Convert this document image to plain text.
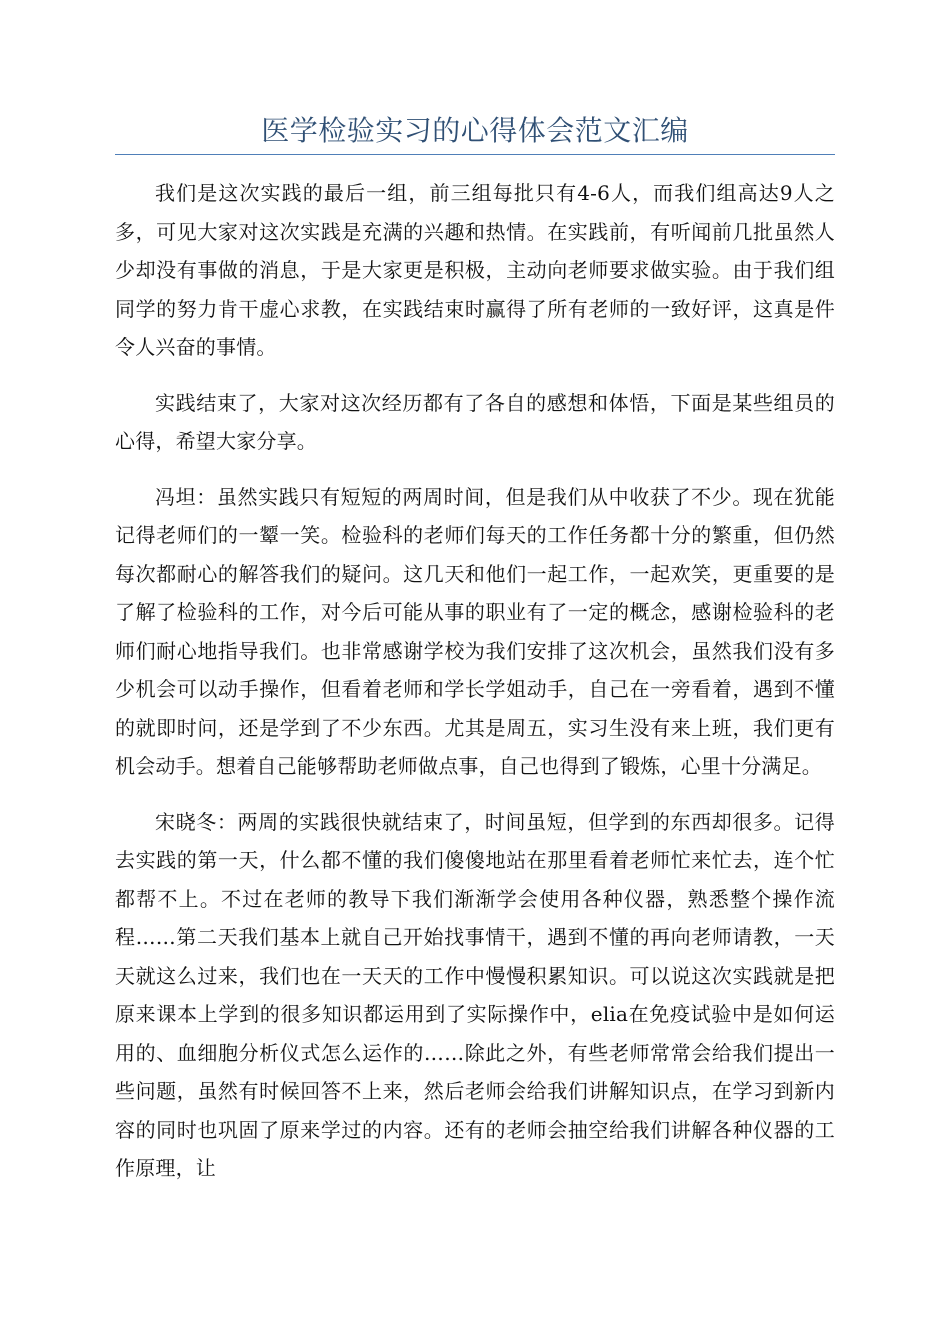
医学检验实习的心得体会范文汇编

我们是这次实践的最后一组，前三组每批只有4-6人，而我们组高达9人之多，可见大家对这次实践是充满的兴趣和热情。在实践前，有听闻前几批虽然人少却没有事做的消息，于是大家更是积极，主动向老师要求做实验。由于我们组同学的努力肯干虚心求教，在实践结束时赢得了所有老师的一致好评，这真是件令人兴奋的事情。

实践结束了，大家对这次经历都有了各自的感想和体悟，下面是某些组员的心得，希望大家分享。

冯坦：虽然实践只有短短的两周时间，但是我们从中收获了不少。现在犹能记得老师们的一颦一笑。检验科的老师们每天的工作任务都十分的繁重，但仍然每次都耐心的解答我们的疑问。这几天和他们一起工作，一起欢笑，更重要的是了解了检验科的工作，对今后可能从事的职业有了一定的概念，感谢检验科的老师们耐心地指导我们。也非常感谢学校为我们安排了这次机会，虽然我们没有多少机会可以动手操作，但看着老师和学长学姐动手，自己在一旁看着，遇到不懂的就即时问，还是学到了不少东西。尤其是周五，实习生没有来上班，我们更有机会动手。想着自己能够帮助老师做点事，自己也得到了锻炼，心里十分满足。

宋晓冬：两周的实践很快就结束了，时间虽短，但学到的东西却很多。记得去实践的第一天，什么都不懂的我们傻傻地站在那里看着老师忙来忙去，连个忙都帮不上。不过在老师的教导下我们渐渐学会使用各种仪器，熟悉整个操作流程……第二天我们基本上就自己开始找事情干，遇到不懂的再向老师请教，一天天就这么过来，我们也在一天天的工作中慢慢积累知识。可以说这次实践就是把原来课本上学到的很多知识都运用到了实际操作中，elia在免疫试验中是如何运用的、血细胞分析仪式怎么运作的……除此之外，有些老师常常会给我们提出一些问题，虽然有时候回答不上来，然后老师会给我们讲解知识点，在学习到新内容的同时也巩固了原来学过的内容。还有的老师会抽空给我们讲解各种仪器的工作原理，让
